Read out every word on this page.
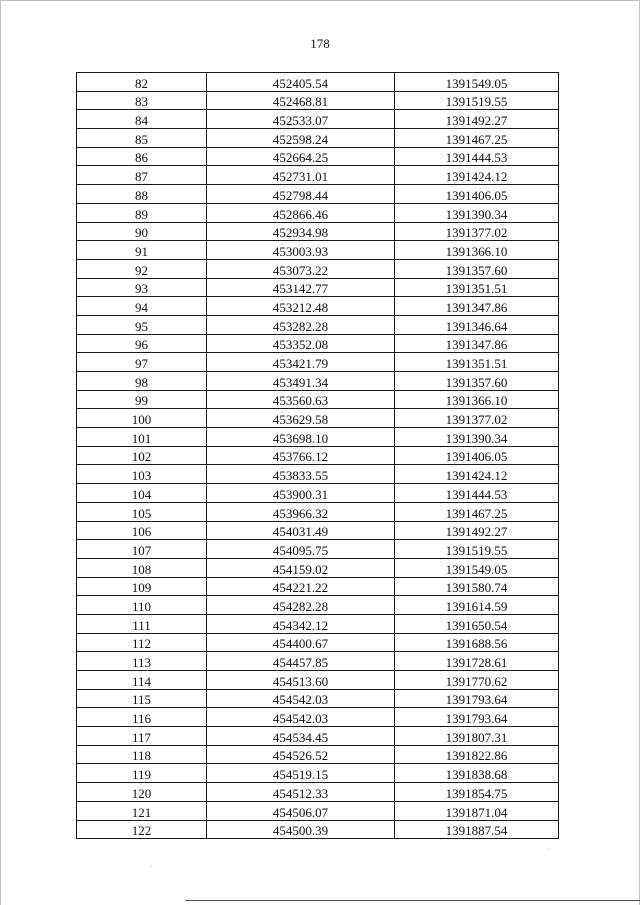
178
82	452405.54	1391549.05
83	452468.81	1391519.55
84	452533.07	1391492.27
85	452598.24	1391467.25
86	452664.25	1391444.53
87	452731.01	1391424.12
88	452798.44	1391406.05
89	452866.46	1391390.34
90	452934.98	1391377.02
91	453003.93	1391366.10
92	453073.22	1391357.60
93	453142.77	1391351.51
94	453212.48	1391347.86
95	453282.28	1391346.64
96	453352.08	1391347.86
97	453421.79	1391351.51
98	453491.34	1391357.60
99	453560.63	1391366.10
100	453629.58	1391377.02
101	453698.10	1391390.34
102	453766.12	1391406.05
103	453833.55	1391424.12
104	453900.31	1391444.53
105	453966.32	1391467.25
106	454031.49	1391492.27
107	454095.75	1391519.55
108	454159.02	1391549.05
109	454221.22	1391580.74
110	454282.28	1391614.59
111	454342.12	1391650.54
112	454400.67	1391688.56
113	454457.85	1391728.61
114	454513.60	1391770.62
115	454542.03	1391793.64
116	454542.03	1391793.64
117	454534.45	1391807.31
118	454526.52	1391822.86
119	454519.15	1391838.68
120	454512.33	1391854.75
121	454506.07	1391871.04
122	454500.39	1391887.54
